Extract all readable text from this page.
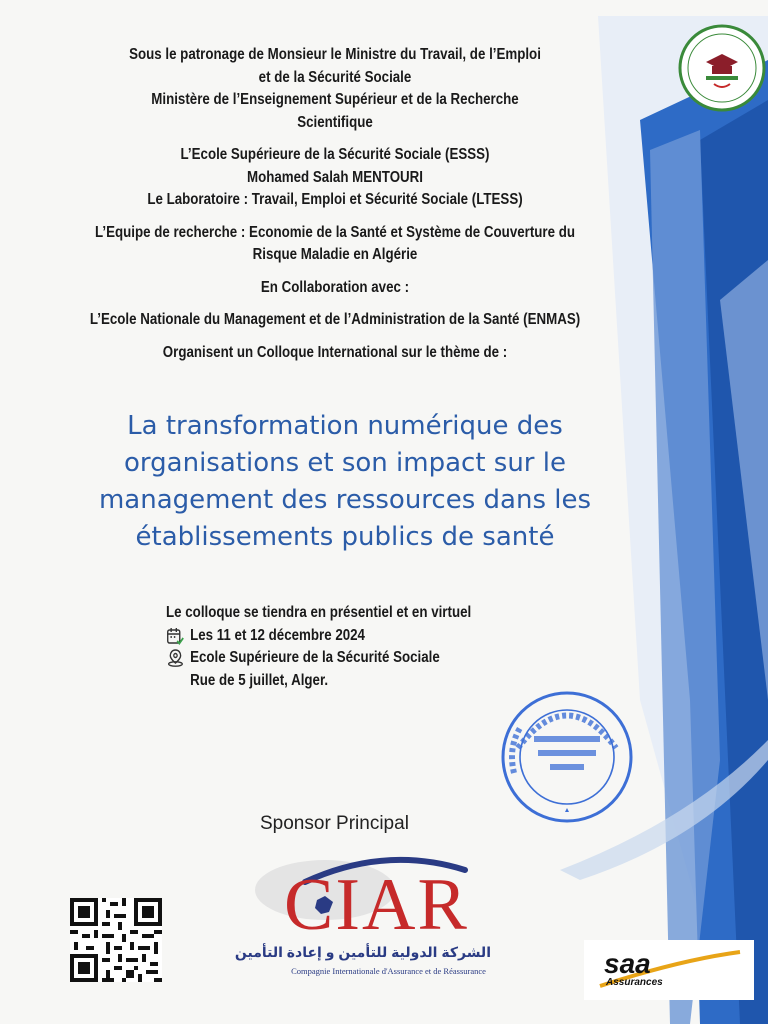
Sous le patronage de Monsieur le Ministre du Travail, de l’Emploi
et de la Sécurité Sociale
Ministère de l’Enseignement Supérieur et de la Recherche
Scientifique
L’Ecole Supérieure de la Sécurité Sociale (ESSS)
Mohamed Salah MENTOURI
Le Laboratoire : Travail, Emploi et Sécurité Sociale (LTESS)
L’Equipe de recherche : Economie de la Santé et Système de Couverture du
Risque Maladie en Algérie
En Collaboration avec :
L’Ecole Nationale du Management et de l’Administration de la Santé (ENMAS)
Organisent un Colloque International sur le thème de :
La transformation numérique des
organisations et son impact sur le
management des ressources dans les
établissements publics de santé
Le colloque se tiendra en présentiel et en virtuel
Les 11 et 12 décembre 2024
Ecole Supérieure de la Sécurité Sociale
Rue de 5 juillet, Alger.
Sponsor Principal
CIAR
الشركة الدولية للتأمين و إعادة التأمين
Compagnie Internationale d'Assurance et de Réassurance	saa
Assurances
